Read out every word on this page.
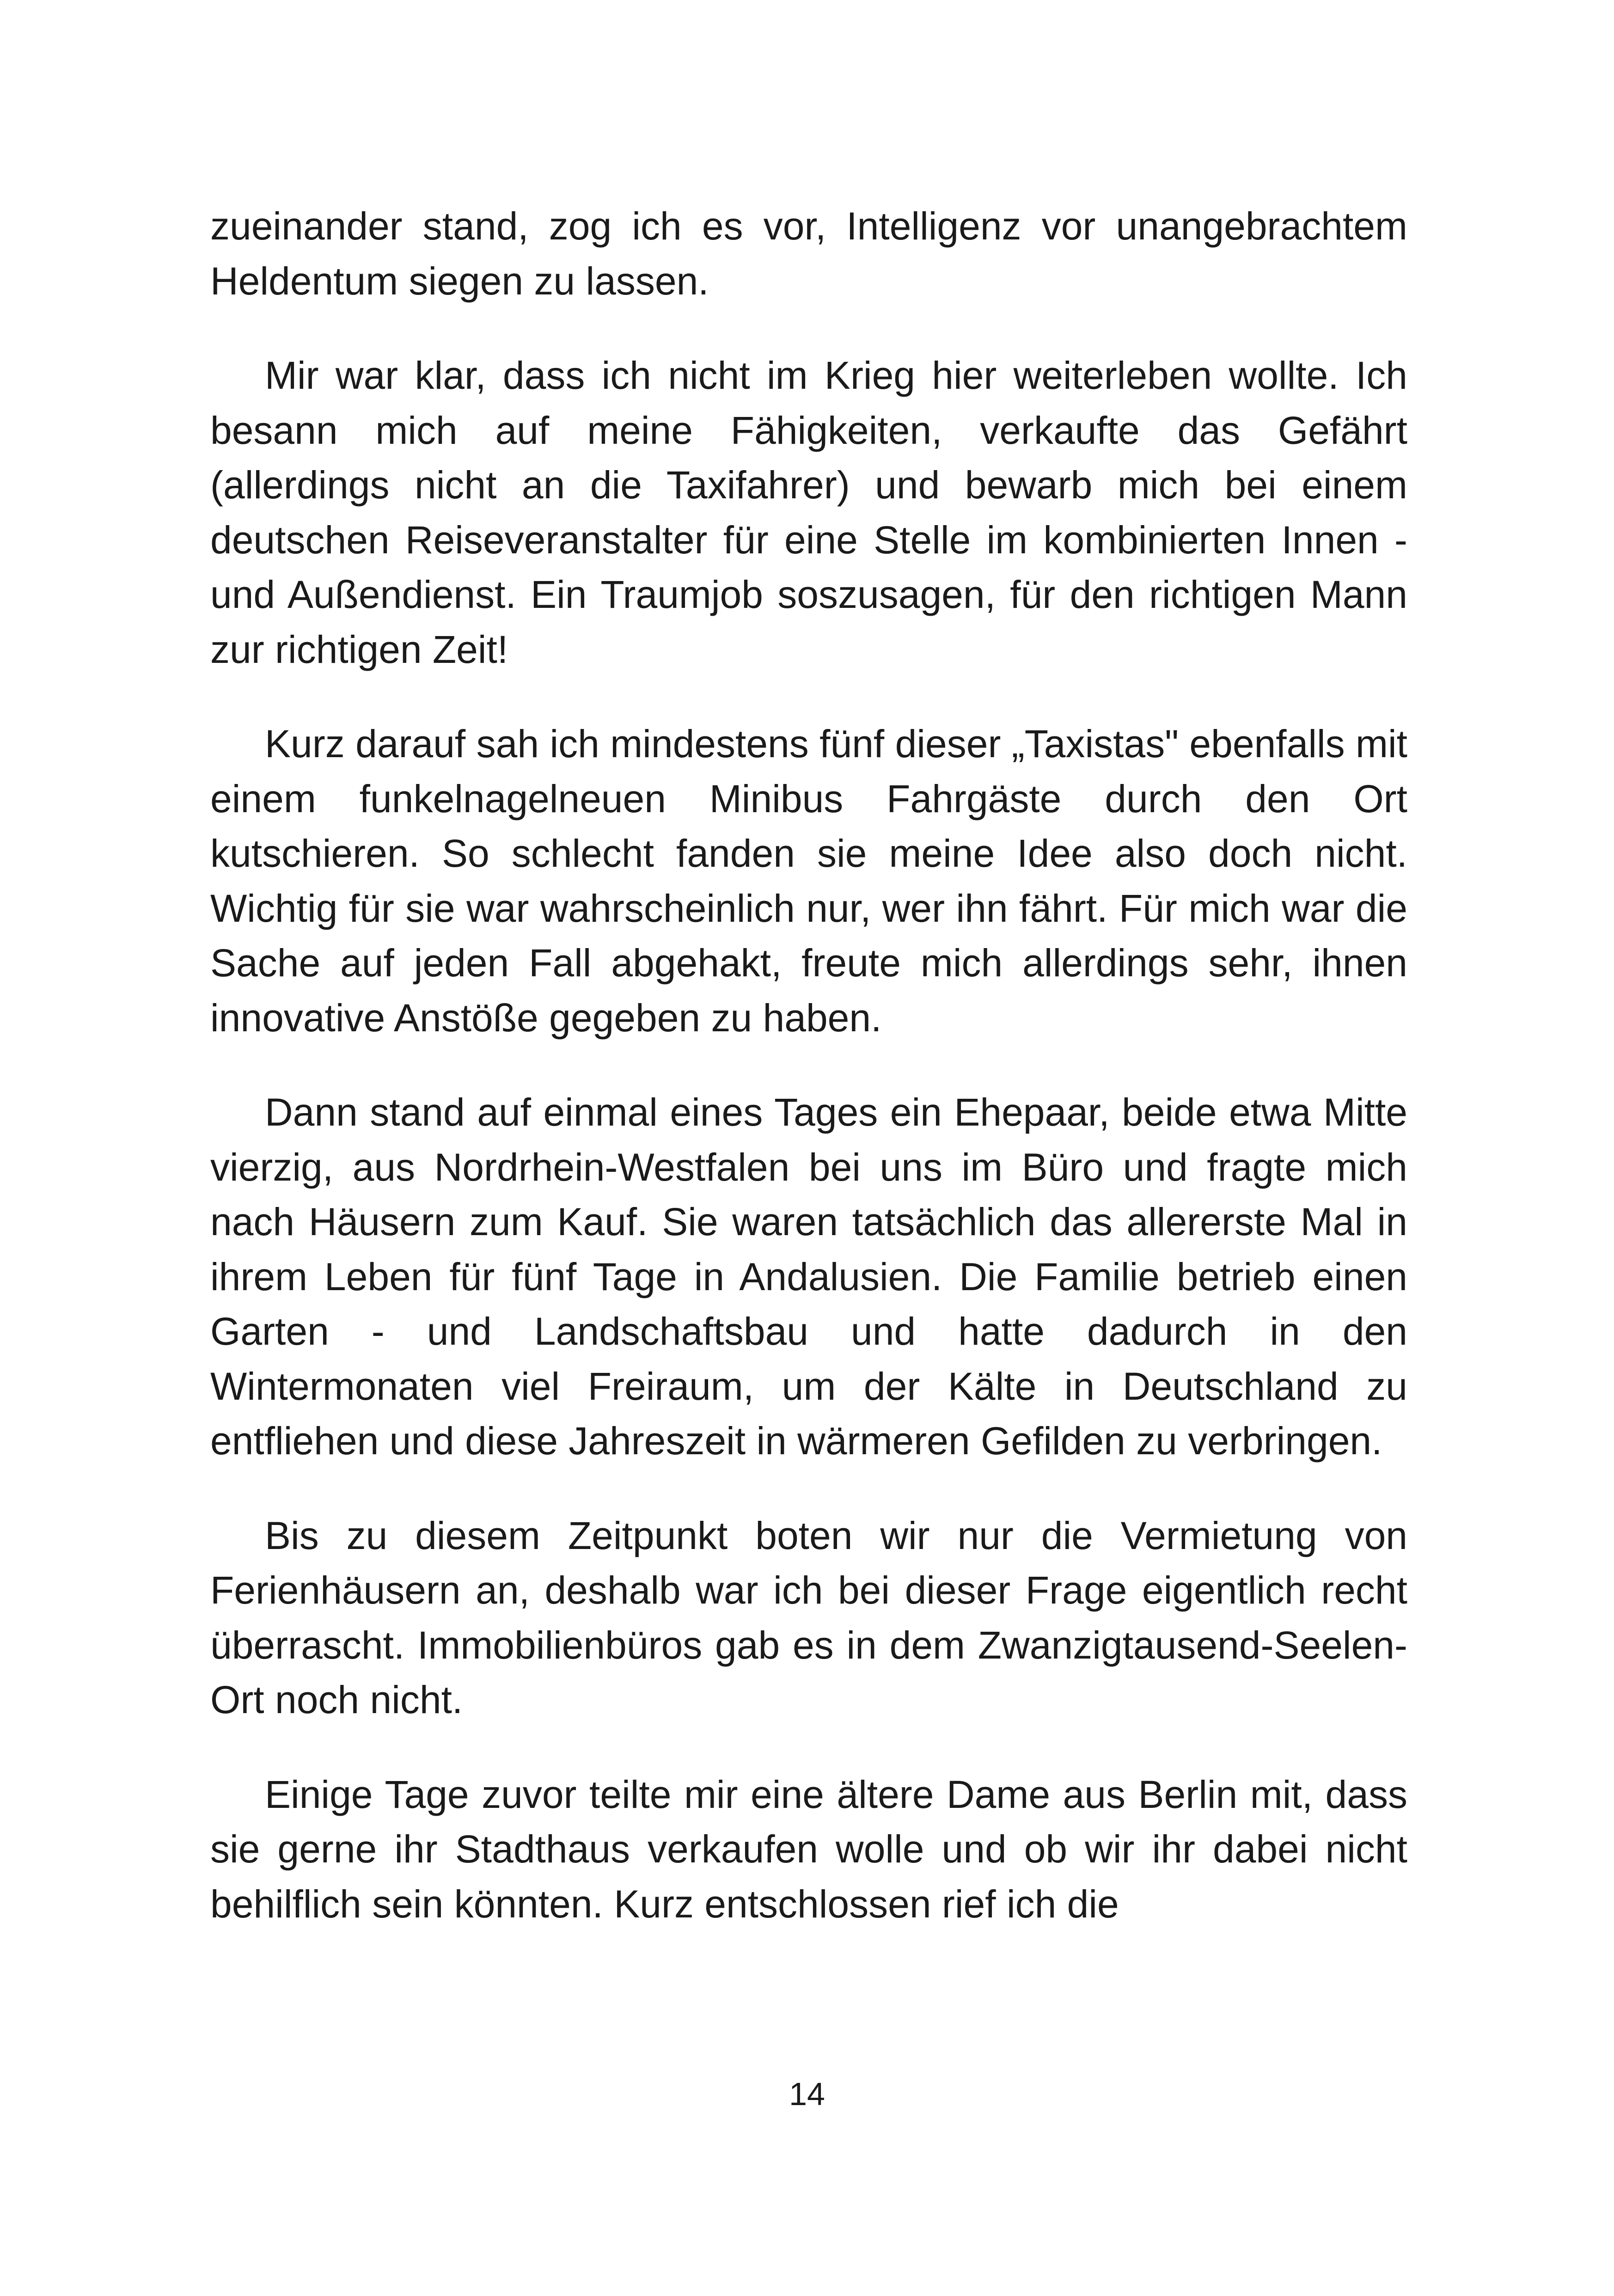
zueinander stand, zog ich es vor, Intelligenz vor unangebrachtem Heldentum siegen zu lassen.

Mir war klar, dass ich nicht im Krieg hier weiterleben wollte. Ich besann mich auf meine Fähigkeiten, verkaufte das Gefährt (allerdings nicht an die Taxifahrer) und bewarb mich bei einem deutschen Reiseveranstalter für eine Stelle im kombinierten Innen - und Außendienst. Ein Traumjob soszusagen, für den richtigen Mann zur richtigen Zeit!

Kurz darauf sah ich mindestens fünf dieser „Taxistas" ebenfalls mit einem funkelnagelneuen Minibus Fahrgäste durch den Ort kutschieren. So schlecht fanden sie meine Idee also doch nicht. Wichtig für sie war wahrscheinlich nur, wer ihn fährt. Für mich war die Sache auf jeden Fall abgehakt, freute mich allerdings sehr, ihnen innovative Anstöße gegeben zu haben.

Dann stand auf einmal eines Tages ein Ehepaar, beide etwa Mitte vierzig, aus Nordrhein-Westfalen bei uns im Büro und fragte mich nach Häusern zum Kauf. Sie waren tatsächlich das allererste Mal in ihrem Leben für fünf Tage in Andalusien. Die Familie betrieb einen Garten - und Landschaftsbau und hatte dadurch in den Wintermonaten viel Freiraum, um der Kälte in Deutschland zu entfliehen und diese Jahreszeit in wärmeren Gefilden zu verbringen.

Bis zu diesem Zeitpunkt boten wir nur die Vermietung von Ferienhäusern an, deshalb war ich bei dieser Frage eigentlich recht überrascht. Immobilienbüros gab es in dem Zwanzigtausend-Seelen-Ort noch nicht.

Einige Tage zuvor teilte mir eine ältere Dame aus Berlin mit, dass sie gerne ihr Stadthaus verkaufen wolle und ob wir ihr dabei nicht behilflich sein könnten. Kurz entschlossen rief ich die

14
